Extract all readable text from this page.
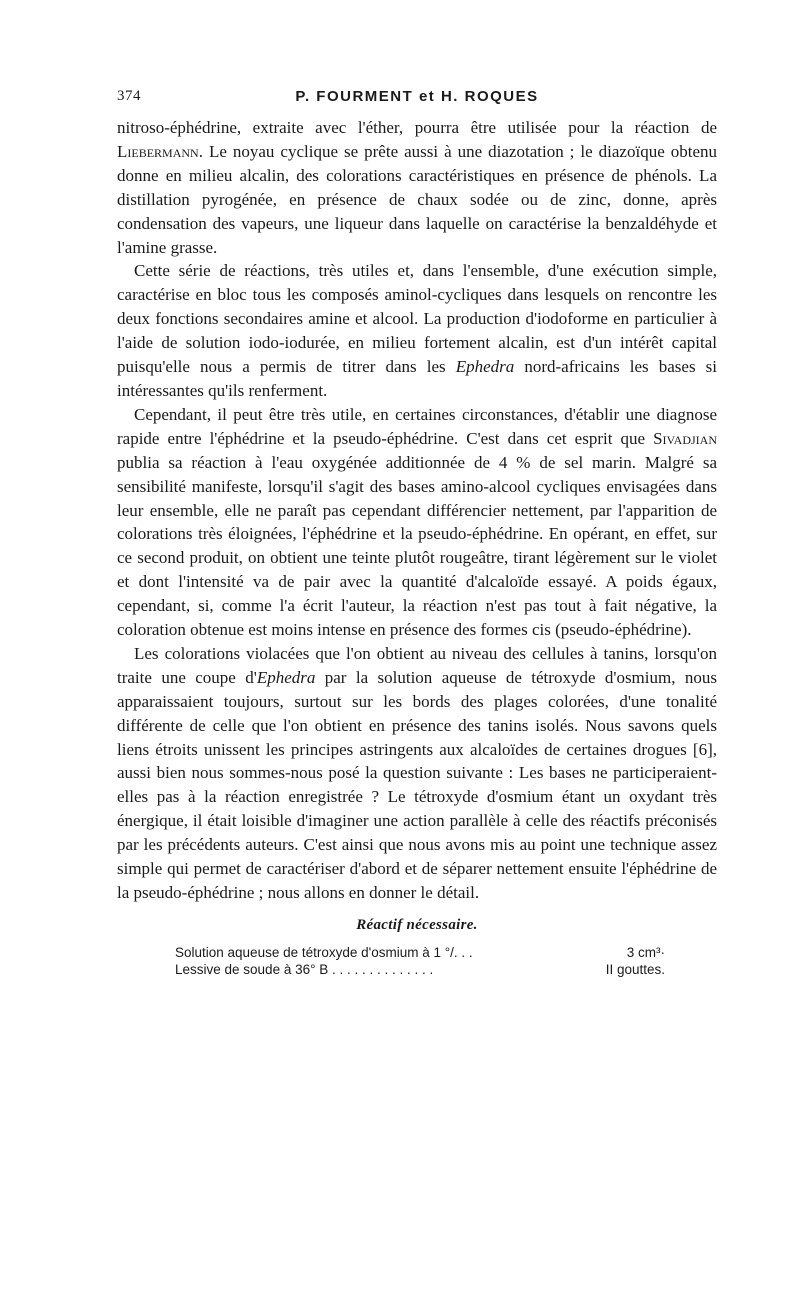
374	P. FOURMENT et H. ROQUES

nitroso-éphédrine, extraite avec l'éther, pourra être utilisée pour la réaction de Liebermann. Le noyau cyclique se prête aussi à une diazotation ; le diazoïque obtenu donne en milieu alcalin, des colorations caractéristiques en présence de phénols. La distillation pyrogénée, en présence de chaux sodée ou de zinc, donne, après condensation des vapeurs, une liqueur dans laquelle on caractérise la benzaldéhyde et l'amine grasse.

Cette série de réactions, très utiles et, dans l'ensemble, d'une exécution simple, caractérise en bloc tous les composés aminol-cycliques dans lesquels on rencontre les deux fonctions secondaires amine et alcool. La production d'iodoforme en particulier à l'aide de solution iodo-iodurée, en milieu fortement alcalin, est d'un intérêt capital puisqu'elle nous a permis de titrer dans les Ephedra nord-africains les bases si intéressantes qu'ils renferment.

Cependant, il peut être très utile, en certaines circonstances, d'établir une diagnose rapide entre l'éphédrine et la pseudo-éphédrine. C'est dans cet esprit que Sivadjian publia sa réaction à l'eau oxygénée additionnée de 4 % de sel marin. Malgré sa sensibilité manifeste, lorsqu'il s'agit des bases amino-alcool cycliques envisagées dans leur ensemble, elle ne paraît pas cependant différencier nettement, par l'apparition de colorations très éloignées, l'éphédrine et la pseudo-éphédrine. En opérant, en effet, sur ce second produit, on obtient une teinte plutôt rougeâtre, tirant légèrement sur le violet et dont l'intensité va de pair avec la quantité d'alcaloïde essayé. A poids égaux, cependant, si, comme l'a écrit l'auteur, la réaction n'est pas tout à fait négative, la coloration obtenue est moins intense en présence des formes cis (pseudo-éphédrine).

Les colorations violacées que l'on obtient au niveau des cellules à tanins, lorsqu'on traite une coupe d'Ephedra par la solution aqueuse de tétroxyde d'osmium, nous apparaissaient toujours, surtout sur les bords des plages colorées, d'une tonalité différente de celle que l'on obtient en présence des tanins isolés. Nous savons quels liens étroits unissent les principes astringents aux alcaloïdes de certaines drogues [6], aussi bien nous sommes-nous posé la question suivante : Les bases ne participeraient-elles pas à la réaction enregistrée ? Le tétroxyde d'osmium étant un oxydant très énergique, il était loisible d'imaginer une action parallèle à celle des réactifs préconisés par les précédents auteurs. C'est ainsi que nous avons mis au point une technique assez simple qui permet de caractériser d'abord et de séparer nettement ensuite l'éphédrine de la pseudo-éphédrine ; nous allons en donner le détail.

Réactif nécessaire.
Solution aqueuse de tétroxyde d'osmium à 1 °/. . .	3 cm³·
Lessive de soude à 36° B . . . . . . . . . . . . . .	II gouttes.
